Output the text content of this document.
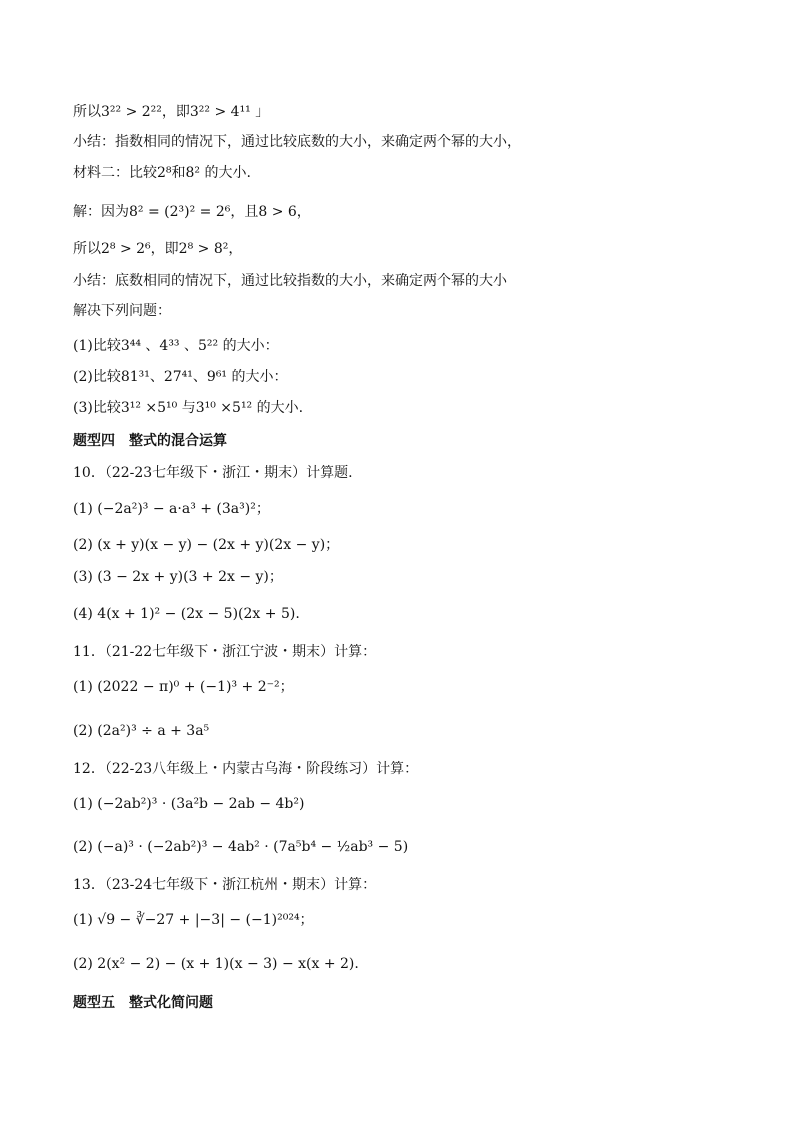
所以3²² > 2²²，即3²² > 4¹¹ 」
小结：指数相同的情况下，通过比较底数的大小，来确定两个幂的大小，
材料二：比较2⁸和8² 的大小.
解：因为8² = (2³)² = 2⁶，且8 > 6，
所以2⁸ > 2⁶，即2⁸ > 8²，
小结：底数相同的情况下，通过比较指数的大小，来确定两个幂的大小
解决下列问题：
(1)比较3⁴⁴ 、4³³ 、5²² 的大小：
(2)比较81³¹、27⁴¹、9⁶¹ 的大小：
(3)比较3¹² ×5¹⁰ 与3¹⁰ ×5¹² 的大小.
题型四　整式的混合运算
10．（22-23七年级下・浙江・期末）计算题.
(1) (−2a²)³ − a·a³ + (3a³)²；
(2) (x + y)(x − y) − (2x + y)(2x − y)；
(3) (3 − 2x + y)(3 + 2x − y)；
(4) 4(x + 1)² − (2x − 5)(2x + 5).
11．（21-22七年级下・浙江宁波・期末）计算：
(1) (2022 − π)⁰ + (−1)³ + 2⁻²；
(2) (2a²)³ ÷ a + 3a⁵
12．（22-23八年级上・内蒙古乌海・阶段练习）计算：
(1) (−2ab²)³ · (3a²b − 2ab − 4b²)
(2) (−a)³ · (−2ab²)³ − 4ab² · (7a⁵b⁴ − ½ab³ − 5)
13．（23-24七年级下・浙江杭州・期末）计算：
(1) √9 − ∛−27 + |−3| − (−1)²⁰²⁴；
(2) 2(x² − 2) − (x + 1)(x − 3) − x(x + 2).
题型五　整式化简问题
